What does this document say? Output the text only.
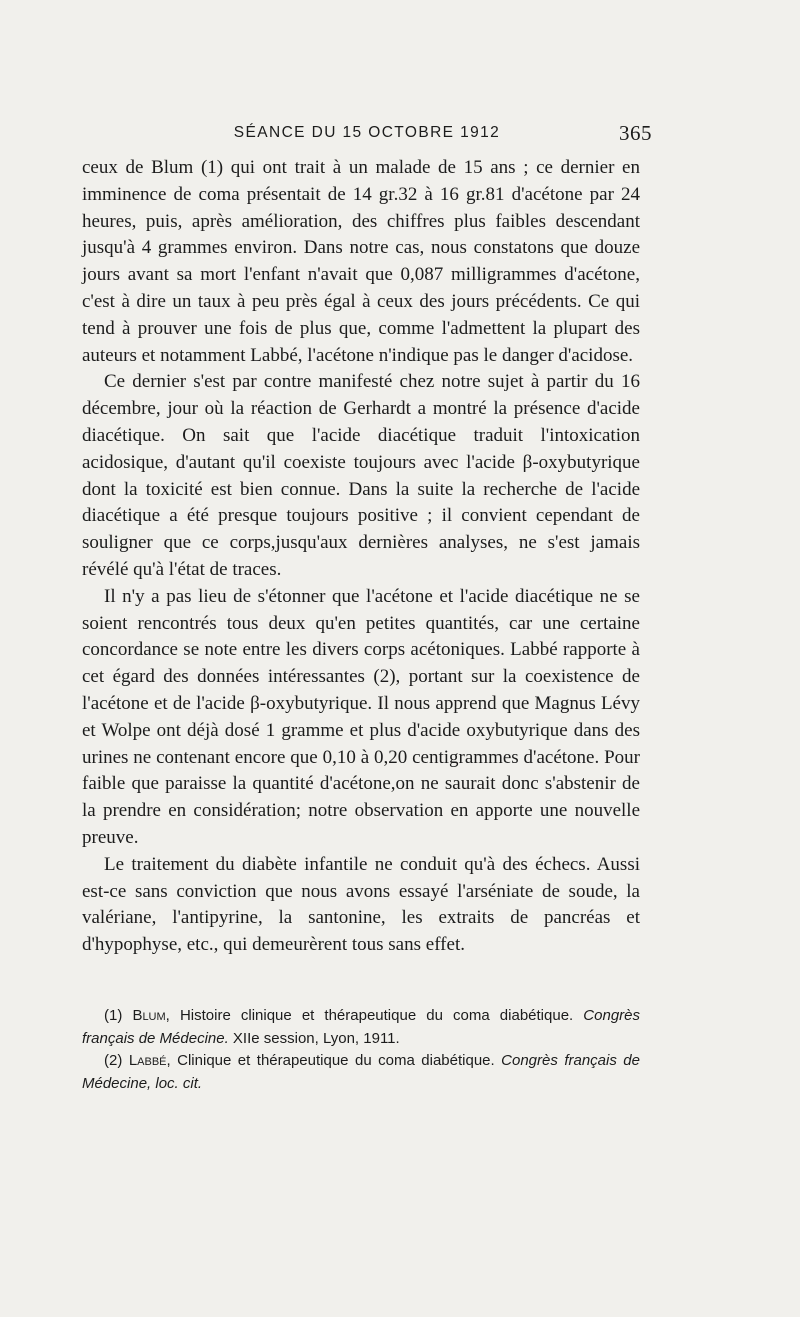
SÉANCE DU 15 OCTOBRE 1912	365

ceux de Blum (1) qui ont trait à un malade de 15 ans ; ce dernier en imminence de coma présentait de 14 gr.32 à 16 gr.81 d'acétone par 24 heures, puis, après amélioration, des chiffres plus faibles descendant jusqu'à 4 grammes environ. Dans notre cas, nous constatons que douze jours avant sa mort l'enfant n'avait que 0,087 milligrammes d'acétone, c'est à dire un taux à peu près égal à ceux des jours précédents. Ce qui tend à prouver une fois de plus que, comme l'admettent la plupart des auteurs et notamment Labbé, l'acétone n'indique pas le danger d'acidose.

Ce dernier s'est par contre manifesté chez notre sujet à partir du 16 décembre, jour où la réaction de Gerhardt a montré la présence d'acide diacétique. On sait que l'acide diacétique traduit l'intoxication acidosique, d'autant qu'il coexiste toujours avec l'acide β-oxybutyrique dont la toxicité est bien connue. Dans la suite la recherche de l'acide diacétique a été presque toujours positive ; il convient cependant de souligner que ce corps,jusqu'aux dernières analyses, ne s'est jamais révélé qu'à l'état de traces.

Il n'y a pas lieu de s'étonner que l'acétone et l'acide diacétique ne se soient rencontrés tous deux qu'en petites quantités, car une certaine concordance se note entre les divers corps acétoniques. Labbé rapporte à cet égard des données intéressantes (2), portant sur la coexistence de l'acétone et de l'acide β-oxybutyrique. Il nous apprend que Magnus Lévy et Wolpe ont déjà dosé 1 gramme et plus d'acide oxybutyrique dans des urines ne contenant encore que 0,10 à 0,20 centigrammes d'acétone. Pour faible que paraisse la quantité d'acétone,on ne saurait donc s'abstenir de la prendre en considération; notre observation en apporte une nouvelle preuve.

Le traitement du diabète infantile ne conduit qu'à des échecs. Aussi est-ce sans conviction que nous avons essayé l'arséniate de soude, la valériane, l'antipyrine, la santonine, les extraits de pancréas et d'hypophyse, etc., qui demeurèrent tous sans effet.

(1) Blum, Histoire clinique et thérapeutique du coma diabétique. Congrès français de Médecine. XIIe session, Lyon, 1911.

(2) Labbé, Clinique et thérapeutique du coma diabétique. Congrès français de Médecine, loc. cit.
